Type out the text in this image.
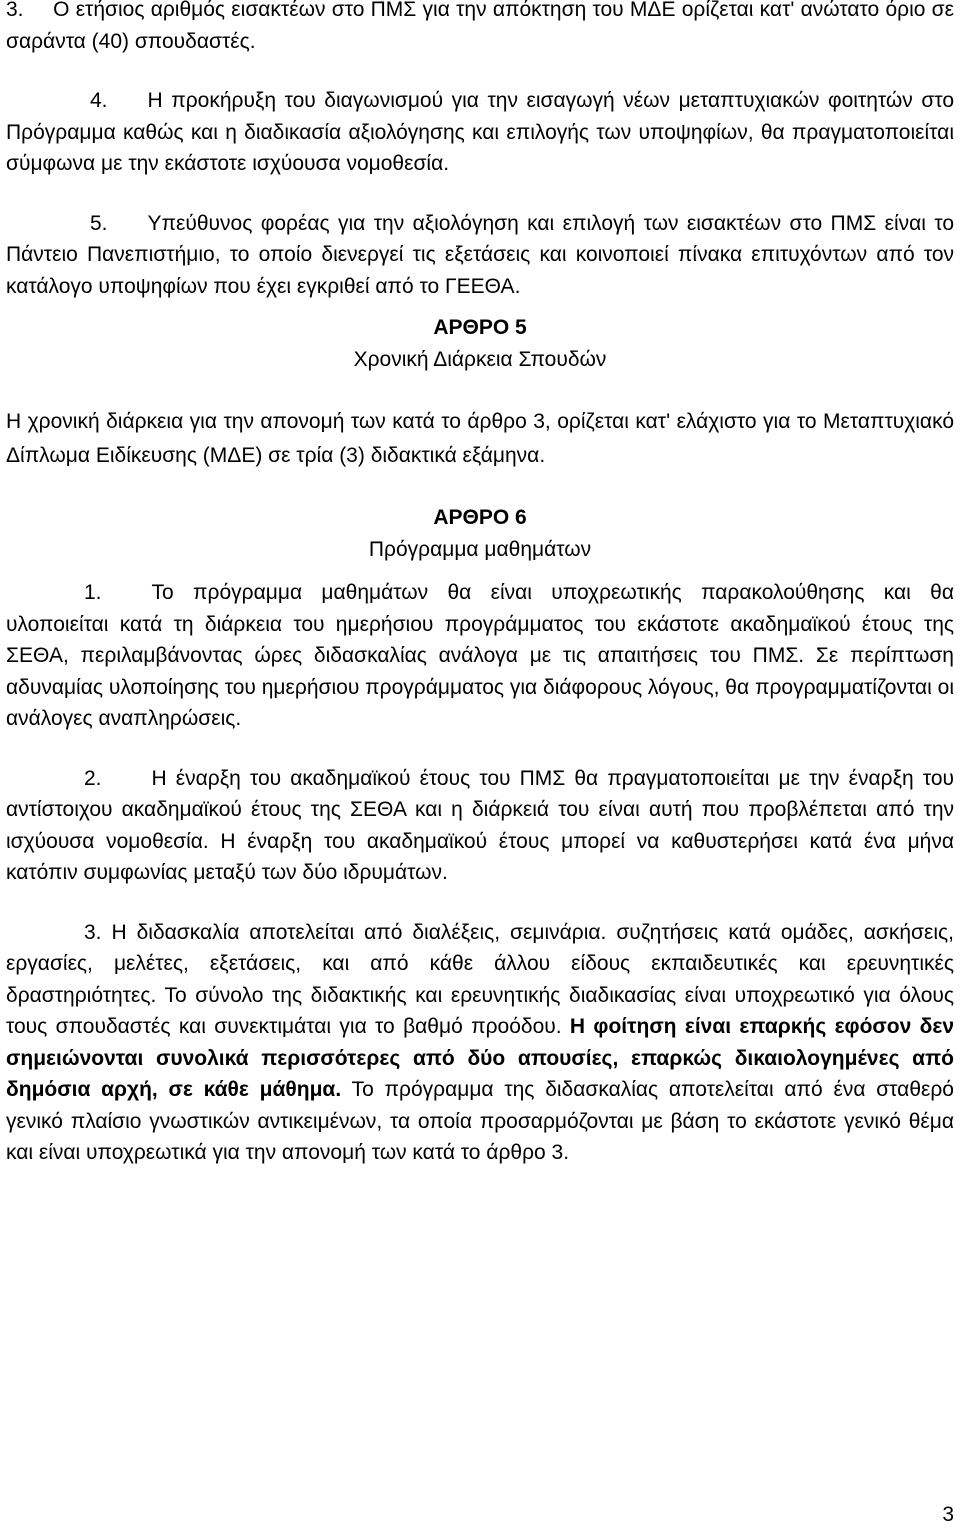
3.	Ο ετήσιος αριθμός εισακτέων στο ΠΜΣ για την απόκτηση του ΜΔΕ ορίζεται κατ' ανώτατο όριο σε σαράντα (40) σπουδαστές.

4. Η προκήρυξη του διαγωνισμού για την εισαγωγή νέων μεταπτυχιακών φοιτητών στο Πρόγραμμα καθώς και η διαδικασία αξιολόγησης και επιλογής των υποψηφίων, θα πραγματοποιείται σύμφωνα με την εκάστοτε ισχύουσα νομοθεσία.

5. Υπεύθυνος φορέας για την αξιολόγηση και επιλογή των εισακτέων στο ΠΜΣ είναι το Πάντειο Πανεπιστήμιο, το οποίο διενεργεί τις εξετάσεις και κοινοποιεί πίνακα επιτυχόντων από τον κατάλογο υποψηφίων που έχει εγκριθεί από το ΓΕΕΘΑ.

ΑΡΘΡΟ 5

Χρονική Διάρκεια Σπουδών

Η χρονική διάρκεια για την απονομή των κατά το άρθρο 3, ορίζεται κατ' ελάχιστο για το Μεταπτυχιακό Δίπλωμα Ειδίκευσης (ΜΔΕ) σε τρία (3) διδακτικά εξάμηνα.

ΑΡΘΡΟ 6

Πρόγραμμα μαθημάτων

1. Το πρόγραμμα μαθημάτων θα είναι υποχρεωτικής παρακολούθησης και θα υλοποιείται κατά τη διάρκεια του ημερήσιου προγράμματος του εκάστοτε ακαδημαϊκού έτους της ΣΕΘΑ, περιλαμβάνοντας ώρες διδασκαλίας ανάλογα με τις απαιτήσεις του ΠΜΣ. Σε περίπτωση αδυναμίας υλοποίησης του ημερήσιου προγράμματος για διάφορους λόγους, θα προγραμματίζονται οι ανάλογες αναπληρώσεις.

2. Η έναρξη του ακαδημαϊκού έτους του ΠΜΣ θα πραγματοποιείται με την έναρξη του αντίστοιχου ακαδημαϊκού έτους της ΣΕΘΑ και η διάρκειά του είναι αυτή που προβλέπεται από την ισχύουσα νομοθεσία. Η έναρξη του ακαδημαϊκού έτους μπορεί να καθυστερήσει κατά ένα μήνα κατόπιν συμφωνίας μεταξύ των δύο ιδρυμάτων.

3. Η διδασκαλία αποτελείται από διαλέξεις, σεμινάρια. συζητήσεις κατά ομάδες, ασκήσεις, εργασίες, μελέτες, εξετάσεις, και από κάθε άλλου είδους εκπαιδευτικές και ερευνητικές δραστηριότητες. Το σύνολο της διδακτικής και ερευνητικής διαδικασίας είναι υποχρεωτικό για όλους τους σπουδαστές και συνεκτιμάται για το βαθμό προόδου. Η φοίτηση είναι επαρκής εφόσον δεν σημειώνονται συνολικά περισσότερες από δύο απουσίες, επαρκώς δικαιολογημένες από δημόσια αρχή, σε κάθε μάθημα. Το πρόγραμμα της διδασκαλίας αποτελείται από ένα σταθερό γενικό πλαίσιο γνωστικών αντικειμένων, τα οποία προσαρμόζονται με βάση το εκάστοτε γενικό θέμα και είναι υποχρεωτικά για την απονομή των κατά το άρθρο 3.

3
